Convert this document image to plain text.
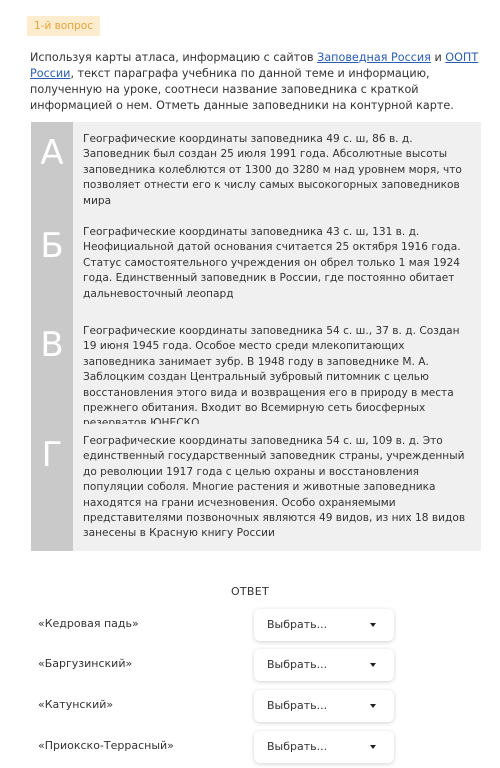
1-й вопрос

Используя карты атласа, информацию с сайтов Заповедная Россия и ООПТ России, текст параграфа учебника по данной теме и информацию, полученную на уроке, соотнеси название заповедника с краткой информацией о нем. Отметь данные заповедники на контурной карте.

А	Географические координаты заповедника 49 с. ш, 86 в. д. Заповедник был создан 25 июля 1991 года. Абсолютные высоты заповедника колеблются от 1300 до 3280 м над уровнем моря, что позволяет отнести его к числу самых высокогорных заповедников мира
Б	Географические координаты заповедника 43 с. ш, 131 в. д. Неофициальной датой основания считается 25 октября 1916 года. Статус самостоятельного учреждения он обрел только 1 мая 1924 года. Единственный заповедник в России, где постоянно обитает дальневосточный леопард
В	Географические координаты заповедника 54 с. ш., 37 в. д. Создан 19 июня 1945 года. Особое место среди млекопитающих заповедника занимает зубр. В 1948 году в заповеднике М. А. Заблоцким создан Центральный зубровый питомник с целью восстановления этого вида и возвращения его в природу в места прежнего обитания. Входит во Всемирную сеть биосферных
Г	Географические координаты заповедника 54 с. ш, 109 в. д. Это единственный государственный заповедник страны, учрежденный до революции 1917 года с целью охраны и восстановления популяции соболя. Многие растения и животные заповедника находятся на грани исчезновения. Особо охраняемыми представителями позвоночных являются 49 видов, из них 18 видов занесены в Красную книгу России
ОТВЕТ
«Кедровая падь»	Выбрать...
«Баргузинский»	Выбрать...
«Катунский»	Выбрать...
«Приокско-Террасный»	Выбрать...
